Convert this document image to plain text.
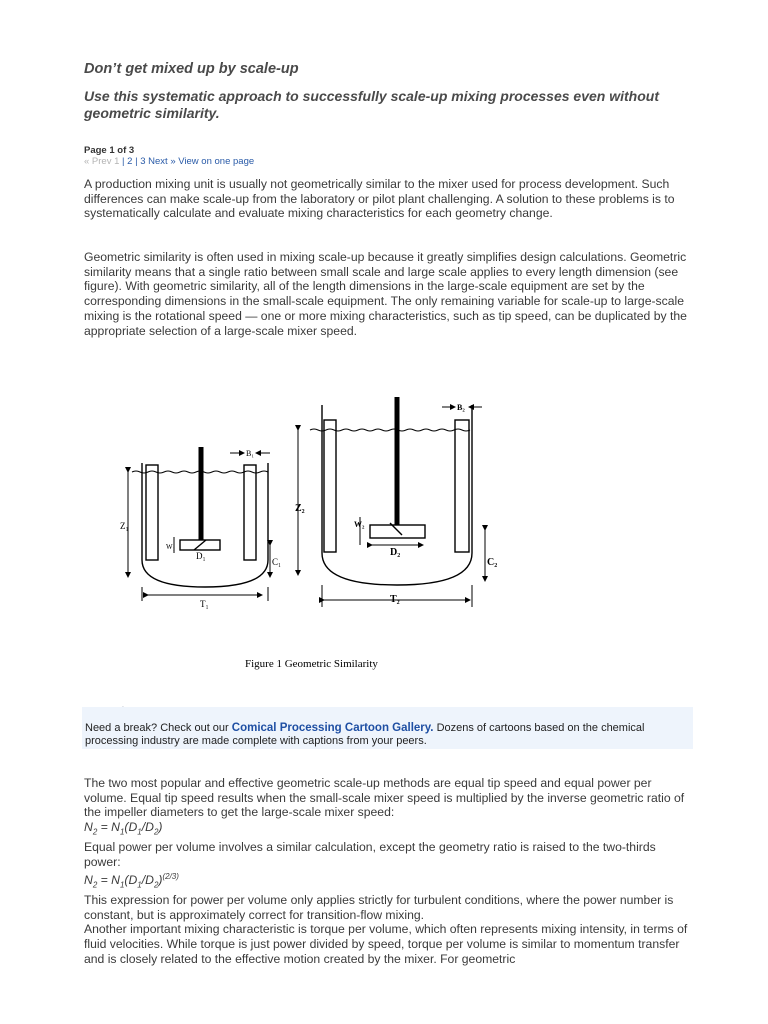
Don’t get mixed up by scale-up
Use this systematic approach to successfully scale-up mixing processes even without geometric similarity.
Page 1 of 3
« Prev 1 | 2 | 3 Next » View on one page

A production mixing unit is usually not geometrically similar to the mixer used for process development. Such differences can make scale-up from the laboratory or pilot plant challenging. A solution to these problems is to systematically calculate and evaluate mixing characteristics for each geometry change.

Geometric similarity is often used in mixing scale-up because it greatly simplifies design calculations. Geometric similarity means that a single ratio between small scale and large scale applies to every length dimension (see figure). With geometric similarity, all of the length dimensions in the large-scale equipment are set by the corresponding dimensions in the small-scale equipment. The only remaining variable for scale-up to large-scale mixing is the rotational speed — one or more mixing characteristics, such as tip speed, can be duplicated by the appropriate selection of a large-scale mixer speed.

Z₁
W₁
D₁
C₁
T₁
B₁
Z₂
W₂
D₂
C₂
T₂
B₂
Figure 1 Geometric Similarity
Need a break? Check out our Comical Processing Cartoon Gallery. Dozens of cartoons based on the chemical processing industry are made complete with captions from your peers.
The two most popular and effective geometric scale-up methods are equal tip speed and equal power per volume. Equal tip speed results when the small-scale mixer speed is multiplied by the inverse geometric ratio of the impeller diameters to get the large-scale mixer speed:
$N_2 = N_1(D_1/D_2)$
Equal power per volume involves a similar calculation, except the geometry ratio is raised to the two-thirds power:
$N_2 = N_1(D_1/D_2)^{(2/3)}$
This expression for power per volume only applies strictly for turbulent conditions, where the power number is constant, but is approximately correct for transition-flow mixing.
Another important mixing characteristic is torque per volume, which often represents mixing intensity, in terms of fluid velocities. While torque is just power divided by speed, torque per volume is similar to momentum transfer and is closely related to the effective motion created by the mixer. For geometric
